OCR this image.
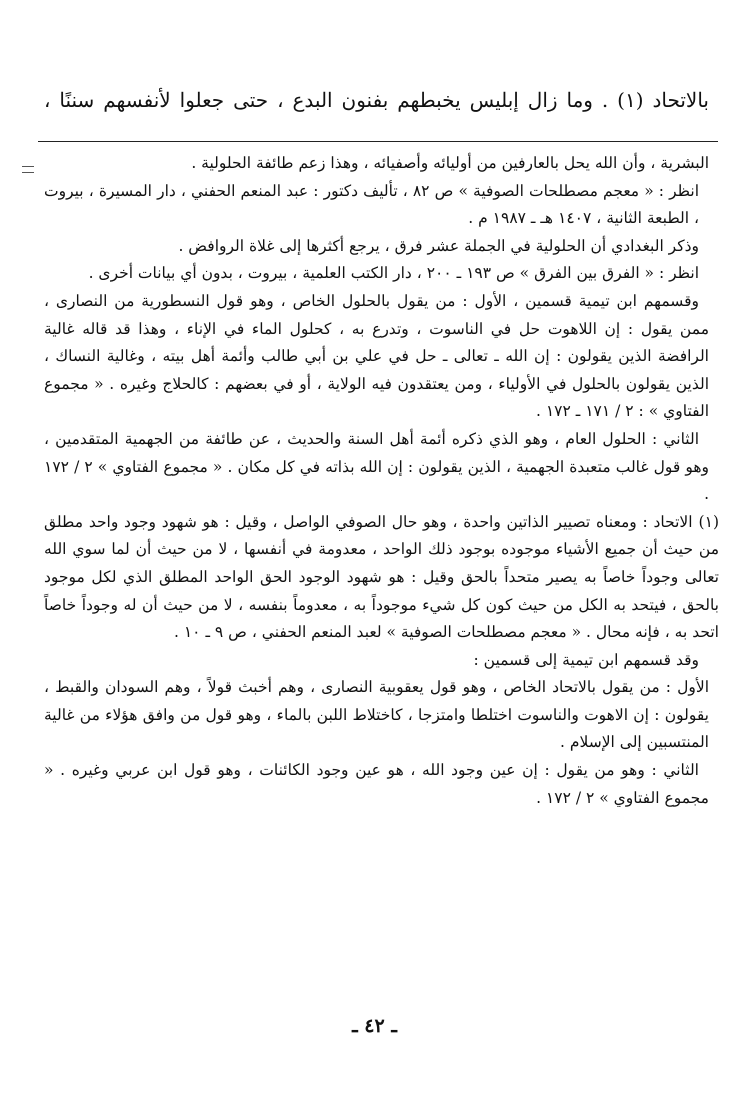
بالاتحاد (١) . وما زال إبليس يخبطهم بفنون البدع ، حتى جعلوا لأنفسهم سننًا ،

البشرية ، وأن الله يحل بالعارفين من أوليائه وأصفيائه ، وهذا زعم طائفة الحلولية .

انظر : « معجم مصطلحات الصوفية » ص ٨٢ ، تأليف دكتور : عبد المنعم الحفني ، دار المسيرة ، بيروت ، الطبعة الثانية ، ١٤٠٧ هـ ـ ١٩٨٧ م .

وذكر البغدادي أن الحلولية في الجملة عشر فرق ، يرجع أكثرها إلى غلاة الروافض .

انظر : « الفرق بين الفرق » ص ١٩٣ ـ ٢٠٠ ، دار الكتب العلمية ، بيروت ، بدون أي بيانات أخرى .

وقسمهم ابن تيمية قسمين ، الأول : من يقول بالحلول الخاص ، وهو قول النسطورية من النصارى ، ممن يقول : إن اللاهوت حل في الناسوت ، وتدرع به ، كحلول الماء في الإناء ، وهذا قد قاله غالية الرافضة الذين يقولون : إن الله ـ تعالى ـ حل في علي بن أبي طالب وأئمة أهل بيته ، وغالية النساك ، الذين يقولون بالحلول في الأولياء ، ومن يعتقدون فيه الولاية ، أو في بعضهم : كالحلاج وغيره . « مجموع الفتاوي » : ٢ / ١٧١ ـ ١٧٢ .

الثاني : الحلول العام ، وهو الذي ذكره أئمة أهل السنة والحديث ، عن طائفة من الجهمية المتقدمين ، وهو قول غالب متعبدة الجهمية ، الذين يقولون : إن الله بذاته في كل مكان . « مجموع الفتاوي » ٢ / ١٧٢ .

(١)الاتحاد : ومعناه تصيير الذاتين واحدة ، وهو حال الصوفي الواصل ، وقيل : هو شهود وجود واحد مطلق من حيث أن جميع الأشياء موجوده بوجود ذلك الواحد ، معدومة في أنفسها ، لا من حيث أن لما سوي الله تعالى وجوداً خاصاً به يصير متحداً بالحق وقيل : هو شهود الوجود الحق الواحد المطلق الذي لكل موجود بالحق ، فيتحد به الكل من حيث كون كل شيء موجوداً به ، معدوماً بنفسه ، لا من حيث أن له وجوداً خاصاً اتحد به ، فإنه محال . « معجم مصطلحات الصوفية » لعبد المنعم الحفني ، ص ٩ ـ ١٠ .

وقد قسمهم ابن تيمية إلى قسمين :

الأول : من يقول بالاتحاد الخاص ، وهو قول يعقوبية النصارى ، وهم أخبث قولاً ، وهم السودان والقبط ، يقولون : إن الاهوت والناسوت اختلطا وامتزجا ، كاختلاط اللبن بالماء ، وهو قول من وافق هؤلاء من غالية المنتسبين إلى الإسلام .

الثاني : وهو من يقول : إن عين وجود الله ، هو عين وجود الكائنات ، وهو قول ابن عربي وغيره . « مجموع الفتاوي » ٢ / ١٧٢ .

ـ ٤٢ ـ
